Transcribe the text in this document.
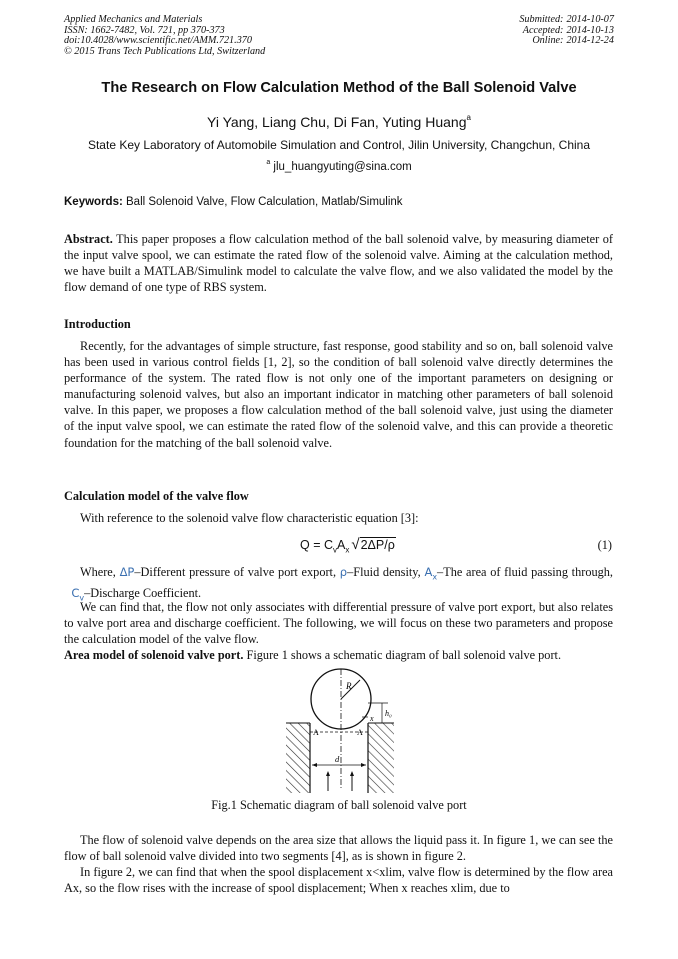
Applied Mechanics and Materials
ISSN: 1662-7482, Vol. 721, pp 370-373
doi:10.4028/www.scientific.net/AMM.721.370
© 2015 Trans Tech Publications Ltd, Switzerland
Submitted: 2014-10-07
Accepted: 2014-10-13
Online: 2014-12-24
The Research on Flow Calculation Method of the Ball Solenoid Valve
Yi Yang, Liang Chu, Di Fan, Yuting Huang$^a$
State Key Laboratory of Automobile Simulation and Control, Jilin University, Changchun, China
$^a$ jlu_huangyuting@sina.com
Keywords: Ball Solenoid Valve, Flow Calculation, Matlab/Simulink
Abstract. This paper proposes a flow calculation method of the ball solenoid valve, by measuring diameter of the input valve spool, we can estimate the rated flow of the solenoid valve. Aiming at the calculation method, we have built a MATLAB/Simulink model to calculate the valve flow, and we also validated the model by the flow demand of one type of RBS system.
Introduction
Recently, for the advantages of simple structure, fast response, good stability and so on, ball solenoid valve has been used in various control fields [1, 2], so the condition of ball solenoid valve directly determines the performance of the system. The rated flow is not only one of the important parameters on designing or manufacturing solenoid valves, but also an important indicator in matching other parameters of ball solenoid valve. In this paper, we proposes a flow calculation method of the ball solenoid valve, just using the diameter of the input valve spool, we can estimate the rated flow of the solenoid valve, and this can provide a theoretic foundation for the matching of the ball solenoid valve.
Calculation model of the valve flow
With reference to the solenoid valve flow characteristic equation [3]:
$Q = C_vA_x$ √2ΔP/ρ	(1)
Where, ΔP–Different pressure of valve port export, ρ–Fluid density, $A_x$–The area of fluid passing through,   $C_v$–Discharge Coefficient.
We can find that, the flow not only associates with differential pressure of valve port export, but also relates to valve port area and discharge coefficient. The following, we will focus on these two parameters and propose the calculation model of the valve flow.
Area model of solenoid valve port. Figure 1 shows a schematic diagram of ball solenoid valve port.
R
h₀
x
A	A
d
Fig.1 Schematic diagram of ball solenoid valve port
The flow of solenoid valve depends on the area size that allows the liquid pass it. In figure 1, we can see the flow of ball solenoid valve divided into two segments [4], as is shown in figure 2.
In figure 2, we can find that when the spool displacement x<xlim, valve flow is determined by the flow area Ax, so the flow rises with the increase of spool displacement; When x reaches xlim, due to
